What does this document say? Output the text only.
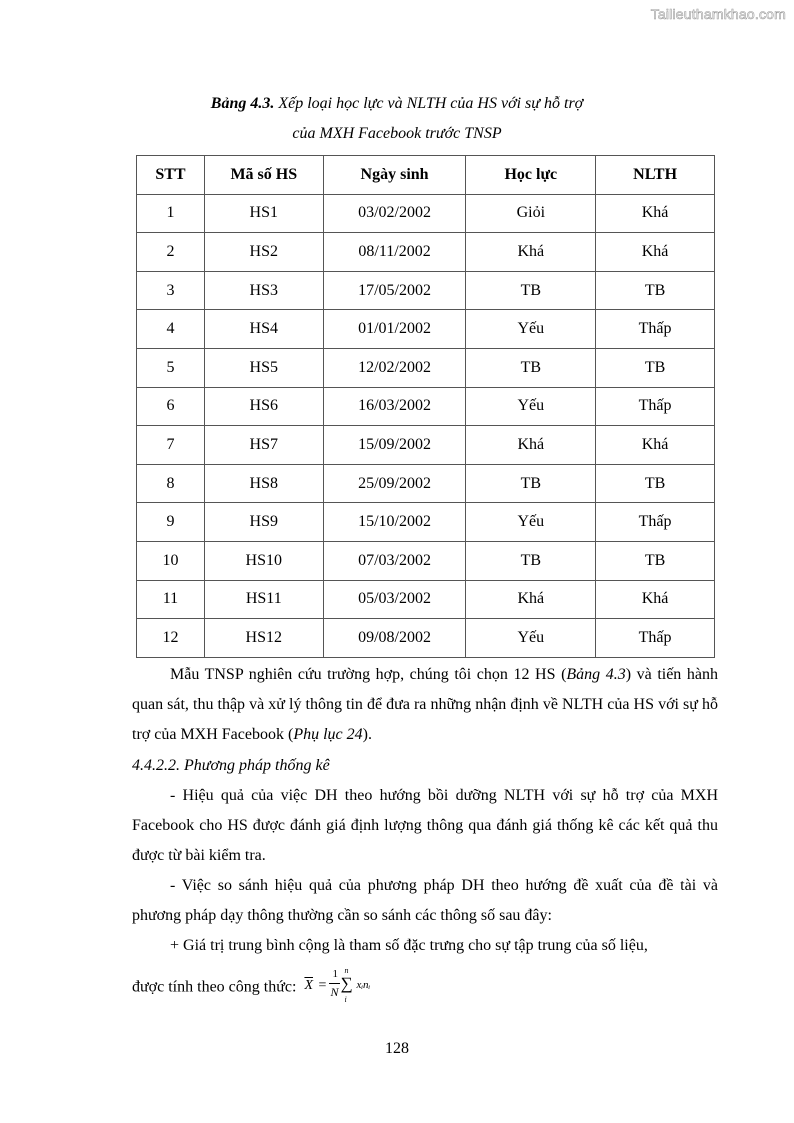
Tailieuthamkhao.com
Bảng 4.3. Xếp loại học lực và NLTH của HS với sự hỗ trợ
của MXH Facebook trước TNSP
STT	Mã số HS	Ngày sinh	Học lực	NLTH
1	HS1	03/02/2002	Giỏi	Khá
2	HS2	08/11/2002	Khá	Khá
3	HS3	17/05/2002	TB	TB
4	HS4	01/01/2002	Yếu	Thấp
5	HS5	12/02/2002	TB	TB
6	HS6	16/03/2002	Yếu	Thấp
7	HS7	15/09/2002	Khá	Khá
8	HS8	25/09/2002	TB	TB
9	HS9	15/10/2002	Yếu	Thấp
10	HS10	07/03/2002	TB	TB
11	HS11	05/03/2002	Khá	Khá
12	HS12	09/08/2002	Yếu	Thấp
Mẫu TNSP nghiên cứu trường hợp, chúng tôi chọn 12 HS (Bảng 4.3) và tiến hành quan sát, thu thập và xử lý thông tin để đưa ra những nhận định về NLTH của HS với sự hỗ trợ của MXH Facebook (Phụ lục 24).
4.4.2.2. Phương pháp thống kê
- Hiệu quả của việc DH theo hướng bồi dưỡng NLTH với sự hỗ trợ của MXH Facebook cho HS được đánh giá định lượng thông qua đánh giá thống kê các kết quả thu được từ bài kiểm tra.
- Việc so sánh hiệu quả của phương pháp DH theo hướng đề xuất của đề tài và phương pháp dạy thông thường cần so sánh các thông số sau đây:
+ Giá trị trung bình cộng là tham số đặc trưng cho sự tập trung của số liệu,
được tính theo công thức: $\overline{X}$ =
1
N
n
∑
i
xᵢnᵢ
128
